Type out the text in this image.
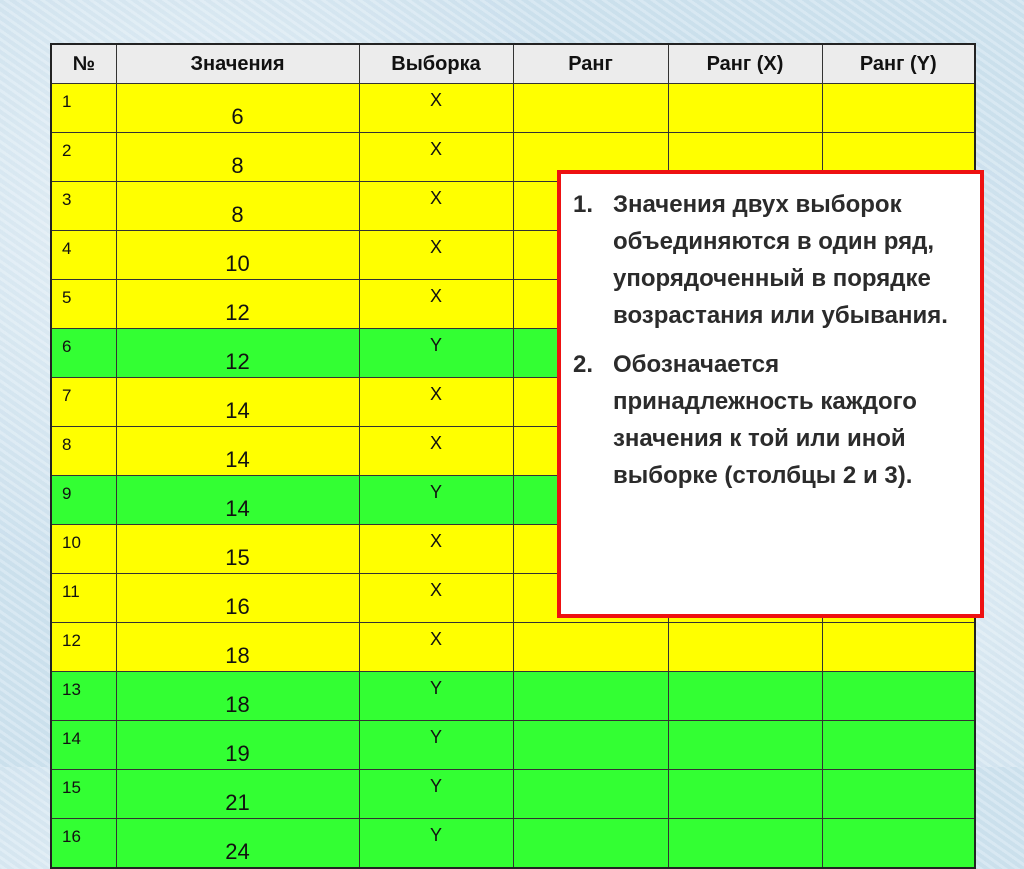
№	Значения	Выборка	Ранг	Ранг (X)	Ранг (Y)
1	6	X			
2	8	X			
3	8	X			
4	10	X			
5	12	X			
6	12	Y			
7	14	X			
8	14	X			
9	14	Y			
10	15	X			
11	16	X			
12	18	X			
13	18	Y			
14	19	Y			
15	21	Y			
16	24	Y			
1. Значения двух выборок объединяются в один ряд, упорядоченный в порядке возрастания или убывания.
2. Обозначается принадлежность каждого значения к той или иной выборке (столбцы 2 и 3).
